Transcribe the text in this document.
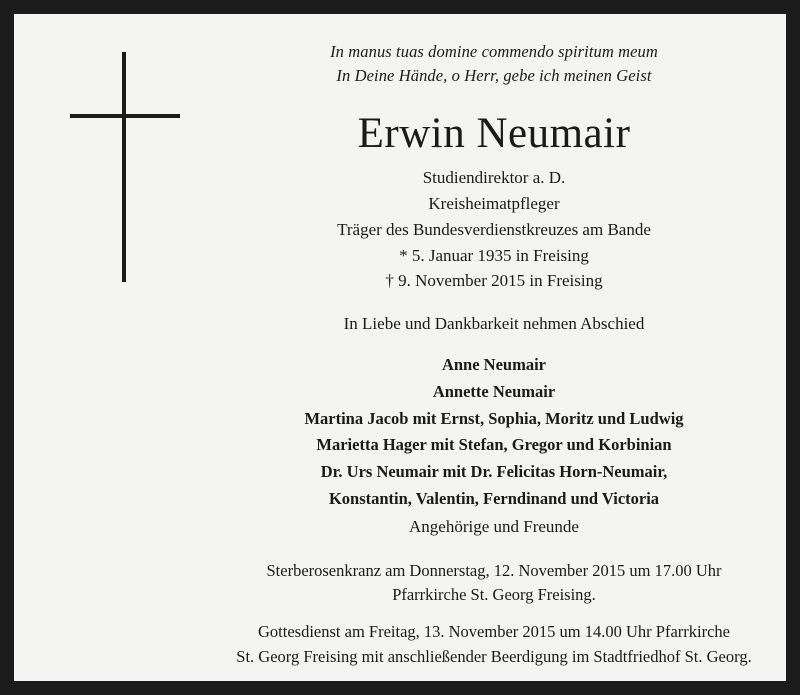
In manus tuas domine commendo spiritum meum
In Deine Hände, o Herr, gebe ich meinen Geist
Erwin Neumair
Studiendirektor a. D.
Kreisheimatpfleger
Träger des Bundesverdienstkreuzes am Bande
* 5. Januar 1935 in Freising
† 9. November 2015 in Freising
In Liebe und Dankbarkeit nehmen Abschied
Anne Neumair
Annette Neumair
Martina Jacob mit Ernst, Sophia, Moritz und Ludwig
Marietta Hager mit Stefan, Gregor und Korbinian
Dr. Urs Neumair mit Dr. Felicitas Horn-Neumair,
Konstantin, Valentin, Ferndinand und Victoria
Angehörige und Freunde
Sterberosenkranz am Donnerstag, 12. November 2015 um 17.00 Uhr
Pfarrkirche St. Georg Freising.
Gottesdienst am Freitag, 13. November 2015 um 14.00 Uhr Pfarrkirche
St. Georg Freising mit anschließender Beerdigung im Stadtfriedhof St. Georg.
